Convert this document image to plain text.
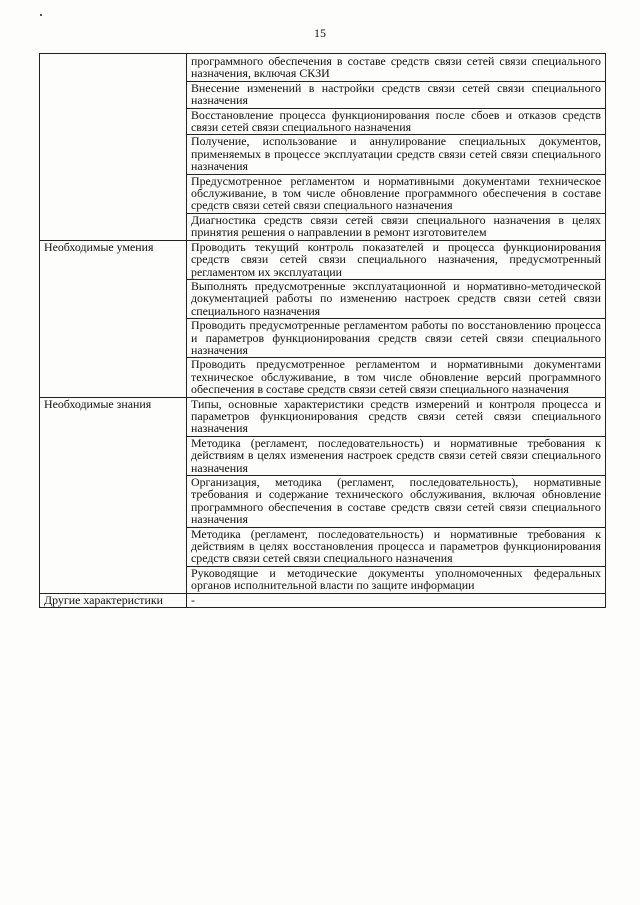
15
	программного обеспечения в составе средств связи сетей связи специального назначения, включая СКЗИ
	Внесение изменений в настройки средств связи сетей связи специального назначения
	Восстановление процесса функционирования после сбоев и отказов средств связи сетей связи специального назначения
	Получение, использование и аннулирование специальных документов, применяемых в процессе эксплуатации средств связи сетей связи специального назначения
	Предусмотренное регламентом и нормативными документами техническое обслуживание, в том числе обновление программного обеспечения в составе средств связи сетей связи специального назначения
	Диагностика средств связи сетей связи специального назначения в целях принятия решения о направлении в ремонт изготовителем
Необходимые умения	Проводить текущий контроль показателей и процесса функционирования средств связи сетей связи специального назначения, предусмотренный регламентом их эксплуатации
	Выполнять предусмотренные эксплуатационной и нормативно-методической документацией работы по изменению настроек средств связи сетей связи специального назначения
	Проводить предусмотренные регламентом работы по восстановлению процесса и параметров функционирования средств связи сетей связи специального назначения
	Проводить предусмотренное регламентом и нормативными документами техническое обслуживание, в том числе обновление версий программного обеспечения в составе средств связи сетей связи специального назначения
Необходимые знания	Типы, основные характеристики средств измерений и контроля процесса и параметров функционирования средств связи сетей связи специального назначения
	Методика (регламент, последовательность) и нормативные требования к действиям в целях изменения настроек средств связи сетей связи специального назначения
	Организация, методика (регламент, последовательность), нормативные требования и содержание технического обслуживания, включая обновление программного обеспечения в составе средств связи сетей связи специального назначения
	Методика (регламент, последовательность) и нормативные требования к действиям в целях восстановления процесса и параметров функционирования средств связи сетей связи специального назначения
	Руководящие и методические документы уполномоченных федеральных органов исполнительной власти по защите информации
Другие характеристики	-
